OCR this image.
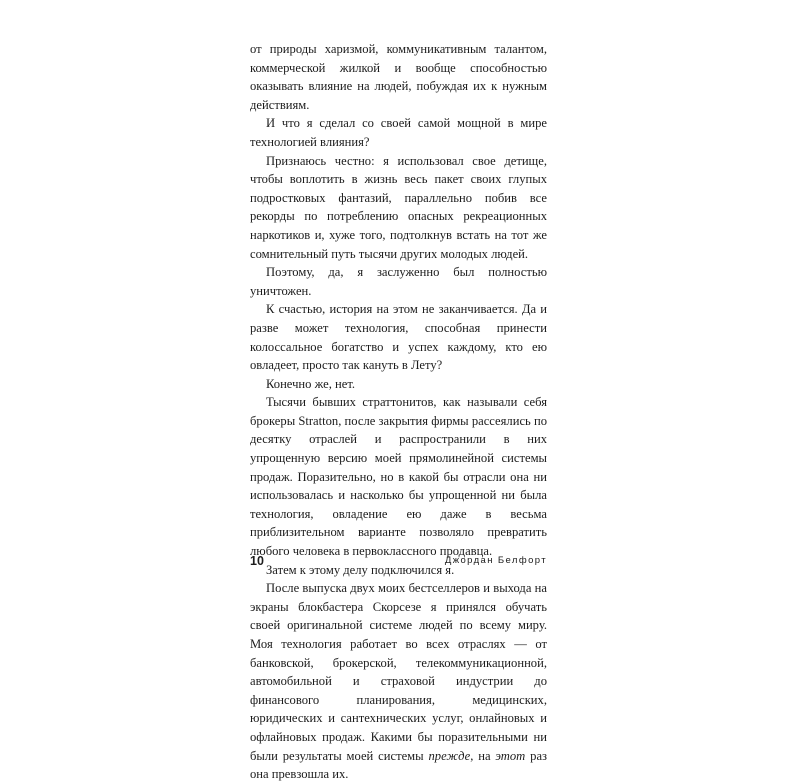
от природы харизмой, коммуникативным талантом, коммерческой жилкой и вообще способностью оказывать влияние на людей, побуждая их к нужным действиям.

И что я сделал со своей самой мощной в мире технологией влияния?

Признаюсь честно: я использовал свое детище, чтобы воплотить в жизнь весь пакет своих глупых подростковых фантазий, параллельно побив все рекорды по потреблению опасных рекреационных наркотиков и, хуже того, подтолкнув встать на тот же сомнительный путь тысячи других молодых людей.

Поэтому, да, я заслуженно был полностью уничтожен.

К счастью, история на этом не заканчивается. Да и разве может технология, способная принести колоссальное богатство и успех каждому, кто ею овладеет, просто так кануть в Лету?

Конечно же, нет.

Тысячи бывших страттонитов, как называли себя брокеры Stratton, после закрытия фирмы рассеялись по десятку отраслей и распространили в них упрощенную версию моей прямолинейной системы продаж. Поразительно, но в какой бы отрасли она ни использовалась и насколько бы упрощенной ни была технология, овладение ею даже в весьма приблизительном варианте позволяло превратить любого человека в первоклассного продавца.

Затем к этому делу подключился я.

После выпуска двух моих бестселлеров и выхода на экраны блокбастера Скорсезе я принялся обучать своей оригинальной системе людей по всему миру. Моя технология работает во всех отраслях — от банковской, брокерской, телекоммуникационной, автомобильной и страховой индустрии до финансового планирования, медицинских, юридических и сантехнических услуг, онлайновых и офлайновых продаж. Какими бы поразительными ни были результаты моей системы прежде, на этот раз она превзошла их.

10	Джордан Белфорт
